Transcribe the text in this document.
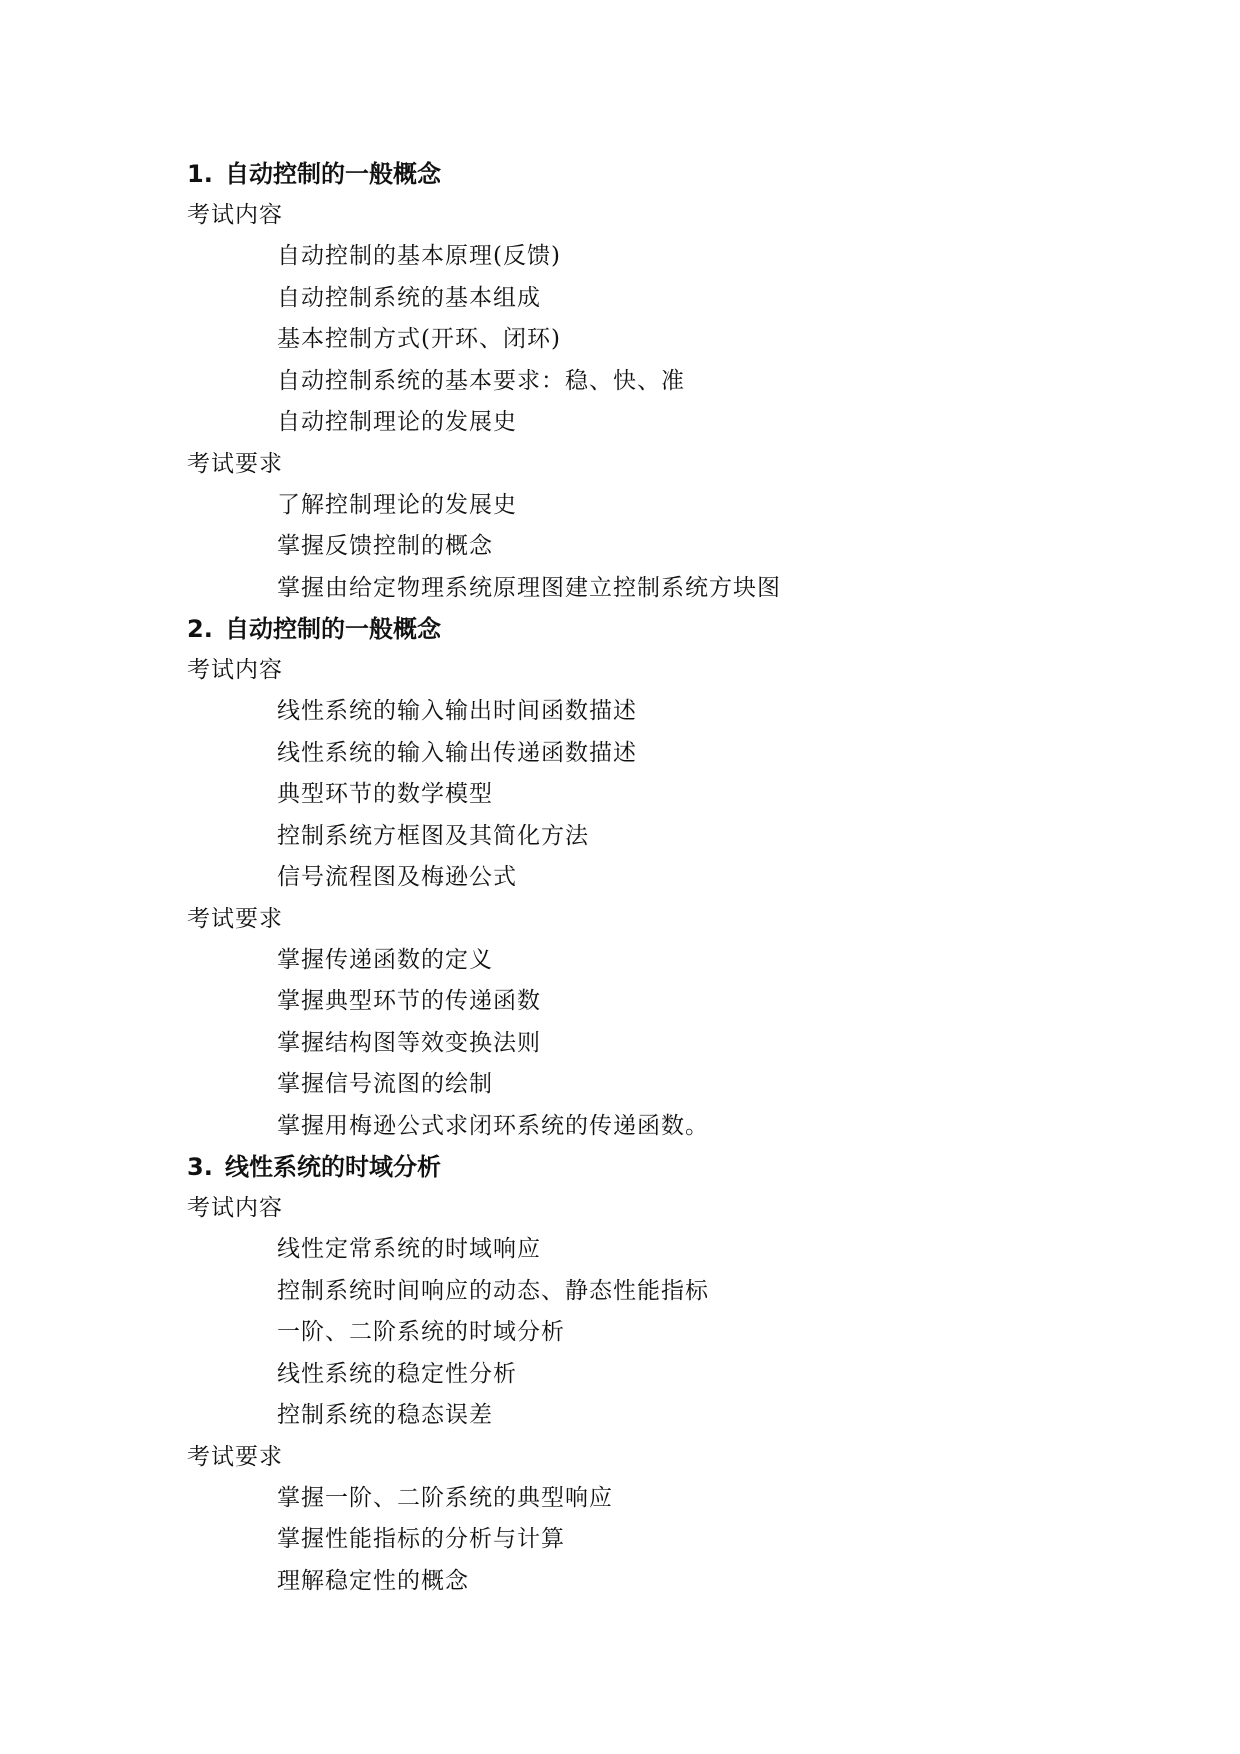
1. 自动控制的一般概念
考试内容
自动控制的基本原理(反馈)
自动控制系统的基本组成
基本控制方式(开环、闭环)
自动控制系统的基本要求：稳、快、准
自动控制理论的发展史
考试要求
了解控制理论的发展史
掌握反馈控制的概念
掌握由给定物理系统原理图建立控制系统方块图
2. 自动控制的一般概念
考试内容
线性系统的输入输出时间函数描述
线性系统的输入输出传递函数描述
典型环节的数学模型
控制系统方框图及其简化方法
信号流程图及梅逊公式
考试要求
掌握传递函数的定义
掌握典型环节的传递函数
掌握结构图等效变换法则
掌握信号流图的绘制
掌握用梅逊公式求闭环系统的传递函数。
3. 线性系统的时域分析
考试内容
线性定常系统的时域响应
控制系统时间响应的动态、静态性能指标
一阶、二阶系统的时域分析
线性系统的稳定性分析
控制系统的稳态误差
考试要求
掌握一阶、二阶系统的典型响应
掌握性能指标的分析与计算
理解稳定性的概念
